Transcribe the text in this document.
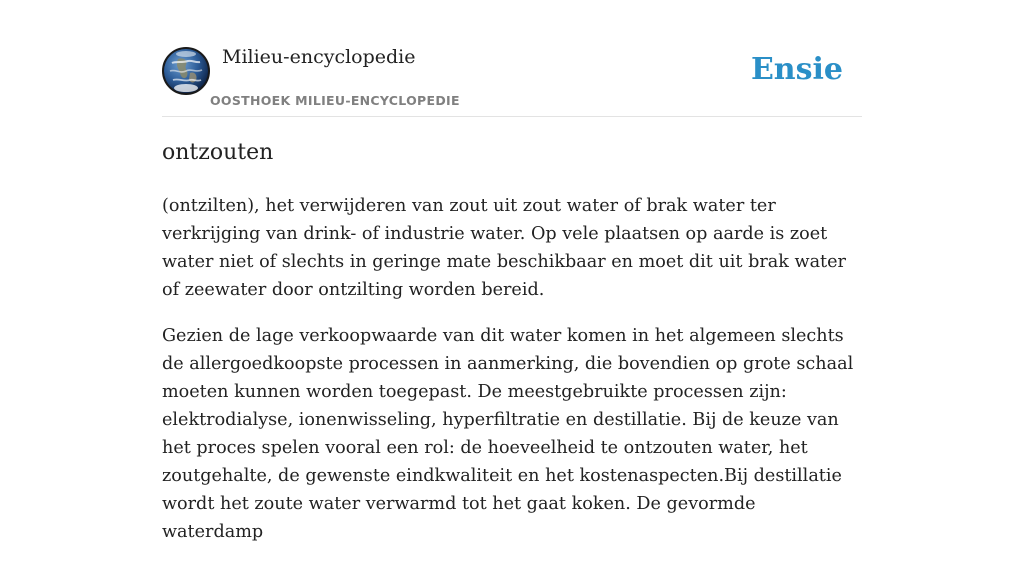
Milieu-encyclopedie
OOSTHOEK MILIEU-ENCYCLOPEDIE
Ensie
ontzouten

(ontzilten), het verwijderen van zout uit zout water of brak water ter verkrijging van drink- of industrie water. Op vele plaatsen op aarde is zoet water niet of slechts in geringe mate beschikbaar en moet dit uit brak water of zeewater door ontzilting worden bereid.

Gezien de lage verkoopwaarde van dit water komen in het algemeen slechts de allergoedkoopste processen in aanmerking, die bovendien op grote schaal moeten kunnen worden toegepast. De meestgebruikte processen zijn: elektrodialyse, ionenwisseling, hyperfiltratie en destillatie. Bij de keuze van het proces spelen vooral een rol: de hoeveelheid te ontzouten water, het zoutgehalte, de gewenste eindkwaliteit en het kostenaspecten.Bij destillatie wordt het zoute water verwarmd tot het gaat koken. De gevormde waterdamp
